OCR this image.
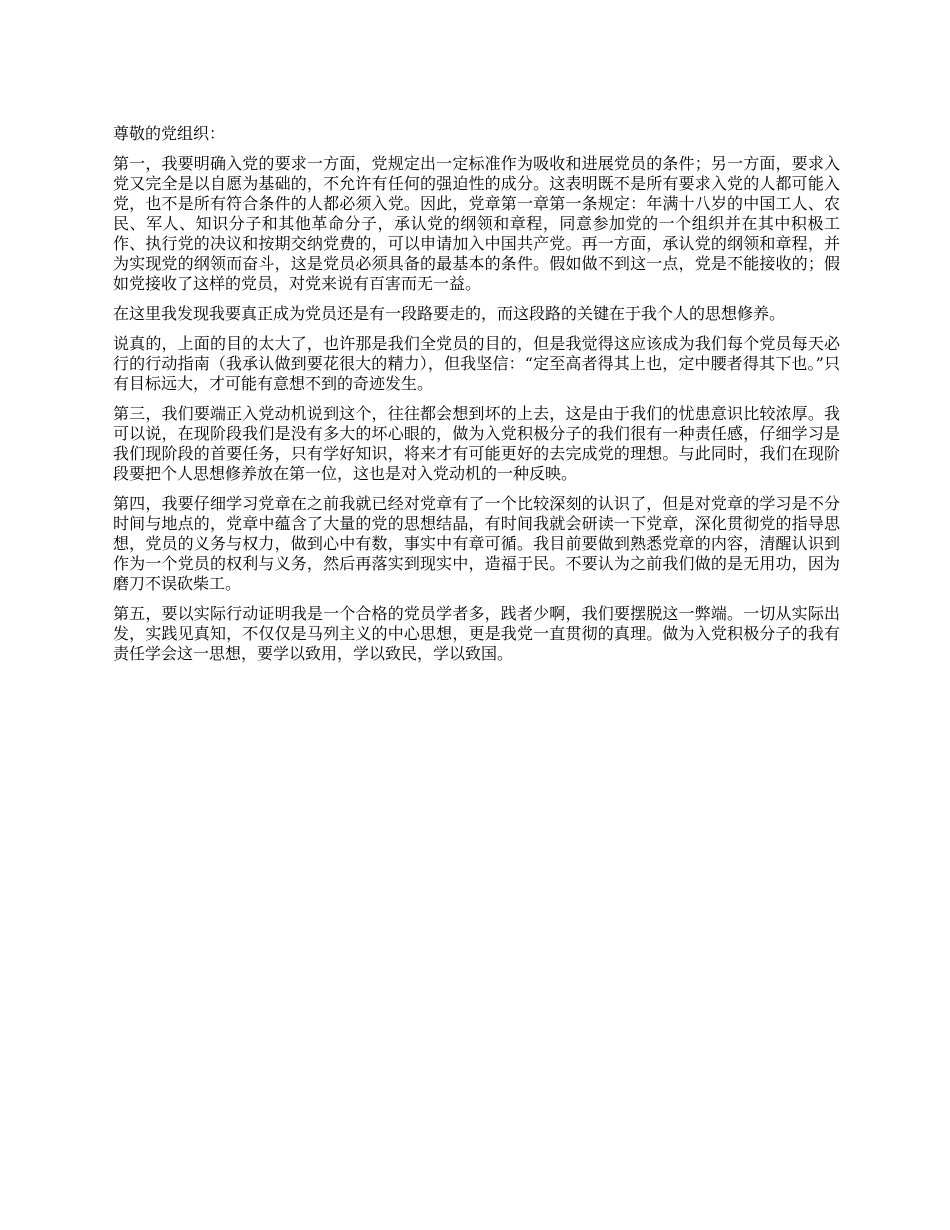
尊敬的党组织：

第一，我要明确入党的要求一方面，党规定出一定标准作为吸收和进展党员的条件；另一方面，要求入党又完全是以自愿为基础的，不允许有任何的强迫性的成分。这表明既不是所有要求入党的人都可能入党，也不是所有符合条件的人都必须入党。因此，党章第一章第一条规定：年满十八岁的中国工人、农民、军人、知识分子和其他革命分子，承认党的纲领和章程，同意参加党的一个组织并在其中积极工作、执行党的决议和按期交纳党费的，可以申请加入中国共产党。再一方面，承认党的纲领和章程，并为实现党的纲领而奋斗，这是党员必须具备的最基本的条件。假如做不到这一点，党是不能接收的；假如党接收了这样的党员，对党来说有百害而无一益。

在这里我发现我要真正成为党员还是有一段路要走的，而这段路的关键在于我个人的思想修养。

说真的，上面的目的太大了，也许那是我们全党员的目的，但是我觉得这应该成为我们每个党员每天必行的行动指南（我承认做到要花很大的精力），但我坚信：“定至高者得其上也，定中腰者得其下也。”只有目标远大，才可能有意想不到的奇迹发生。

第三，我们要端正入党动机说到这个，往往都会想到坏的上去，这是由于我们的忧患意识比较浓厚。我可以说，在现阶段我们是没有多大的坏心眼的，做为入党积极分子的我们很有一种责任感，仔细学习是我们现阶段的首要任务，只有学好知识，将来才有可能更好的去完成党的理想。与此同时，我们在现阶段要把个人思想修养放在第一位，这也是对入党动机的一种反映。

第四，我要仔细学习党章在之前我就已经对党章有了一个比较深刻的认识了，但是对党章的学习是不分时间与地点的，党章中蕴含了大量的党的思想结晶，有时间我就会研读一下党章，深化贯彻党的指导思想，党员的义务与权力，做到心中有数，事实中有章可循。我目前要做到熟悉党章的内容，清醒认识到作为一个党员的权利与义务，然后再落实到现实中，造福于民。不要认为之前我们做的是无用功，因为磨刀不误砍柴工。

第五，要以实际行动证明我是一个合格的党员学者多，践者少啊，我们要摆脱这一弊端。一切从实际出发，实践见真知，不仅仅是马列主义的中心思想，更是我党一直贯彻的真理。做为入党积极分子的我有责任学会这一思想，要学以致用，学以致民，学以致国。
